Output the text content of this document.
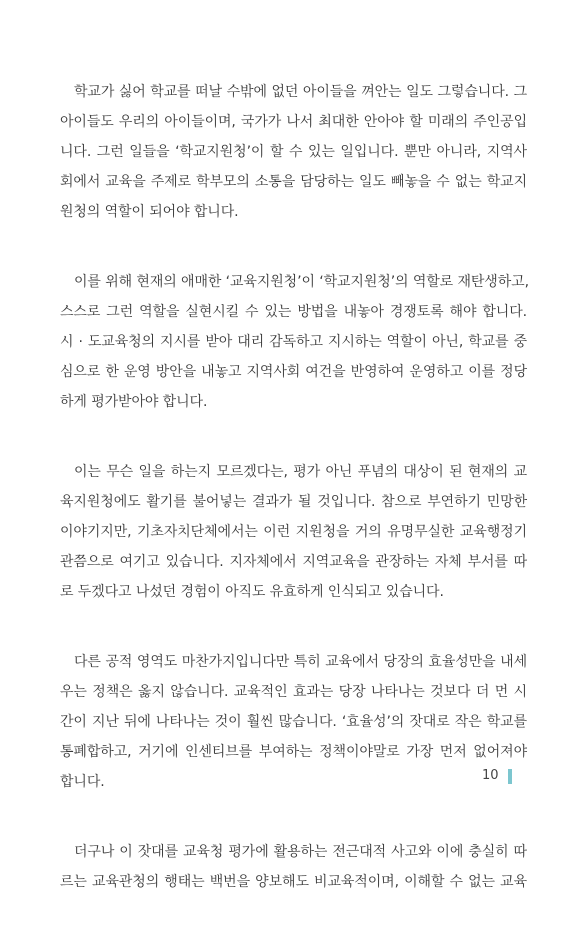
학교가 싫어 학교를 떠날 수밖에 없던 아이들을 껴안는 일도 그렇습니다. 그
아이들도 우리의 아이들이며, 국가가 나서 최대한 안아야 할 미래의 주인공입
니다. 그런 일들을 ‘학교지원청’이 할 수 있는 일입니다. 뿐만 아니라, 지역사
회에서 교육을 주제로 학부모의 소통을 담당하는 일도 빼놓을 수 없는 학교지
원청의 역할이 되어야 합니다.
이를 위해 현재의 애매한 ‘교육지원청’이 ‘학교지원청’의 역할로 재탄생하고,
스스로 그런 역할을 실현시킬 수 있는 방법을 내놓아 경쟁토록 해야 합니다.
시 · 도교육청의 지시를 받아 대리 감독하고 지시하는 역할이 아닌, 학교를 중
심으로 한 운영 방안을 내놓고 지역사회 여건을 반영하여 운영하고 이를 정당
하게 평가받아야 합니다.
이는 무슨 일을 하는지 모르겠다는, 평가 아닌 푸념의 대상이 된 현재의 교
육지원청에도 활기를 불어넣는 결과가 될 것입니다. 참으로 부연하기 민망한
이야기지만, 기초자치단체에서는 이런 지원청을 거의 유명무실한 교육행정기
관쯤으로 여기고 있습니다. 지자체에서 지역교육을 관장하는 자체 부서를 따
로 두겠다고 나섰던 경험이 아직도 유효하게 인식되고 있습니다.
다른 공적 영역도 마찬가지입니다만 특히 교육에서 당장의 효율성만을 내세
우는 정책은 옳지 않습니다. 교육적인 효과는 당장 나타나는 것보다 더 먼 시
간이 지난 뒤에 나타나는 것이 훨씬 많습니다. ‘효율성’의 잣대로 작은 학교를
통폐합하고, 거기에 인센티브를 부여하는 정책이야말로 가장 먼저 없어져야
합니다.
더구나 이 잣대를 교육청 평가에 활용하는 전근대적 사고와 이에 충실히 따
르는 교육관청의 행태는 백번을 양보해도 비교육적이며, 이해할 수 없는 교육
10
